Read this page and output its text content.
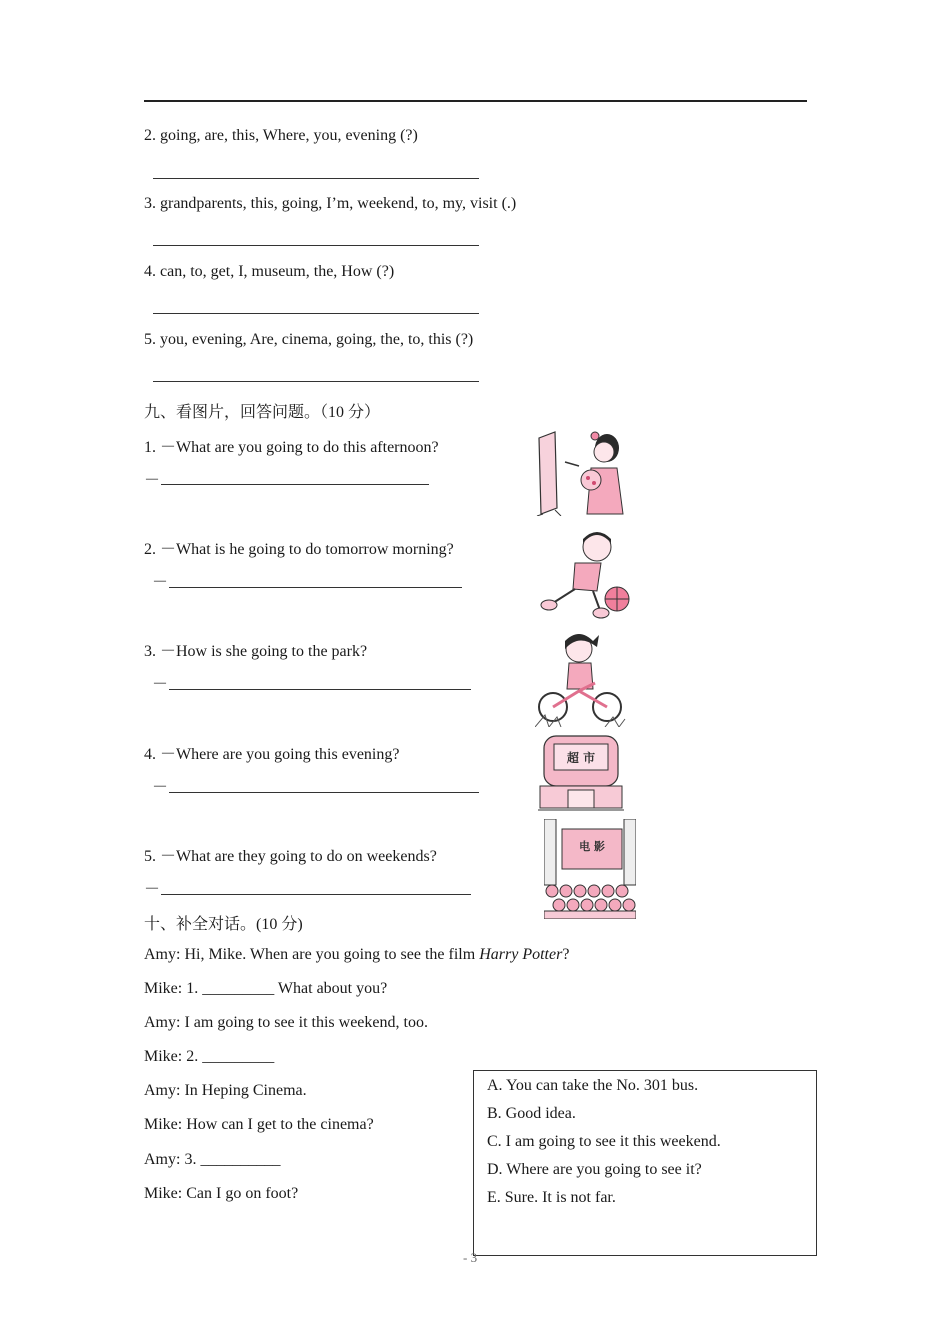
2. going, are, this, Where, you, evening (?)
3. grandparents, this, going, I’m, weekend, to, my, visit (.)
4. can, to, get, I, museum, the, How (?)
5. you, evening, Are, cinema, going, the, to, this (?)
九、看图片，回答问题。（10 分）
1. －What are you going to do this afternoon?
－
2. －What is he going to do tomorrow morning?
－
3. －How is she going to the park?
－
4. －Where are you going this evening?
－
5. －What are they going to do on weekends?
－
超 市
电 影
十、补全对话。(10 分)
Amy: Hi, Mike. When are you going to see the film Harry Potter?
Mike: 1. _________ What about you?
Amy: I am going to see it this weekend, too.
Mike: 2. _________
Amy: In Heping Cinema.
Mike: How can I get to the cinema?
Amy: 3. __________
Mike: Can I go on foot?
A. You can take the No. 301 bus.
B. Good idea.
C. I am going to see it this weekend.
D. Where are you going to see it?
E. Sure. It is not far.
- 3
